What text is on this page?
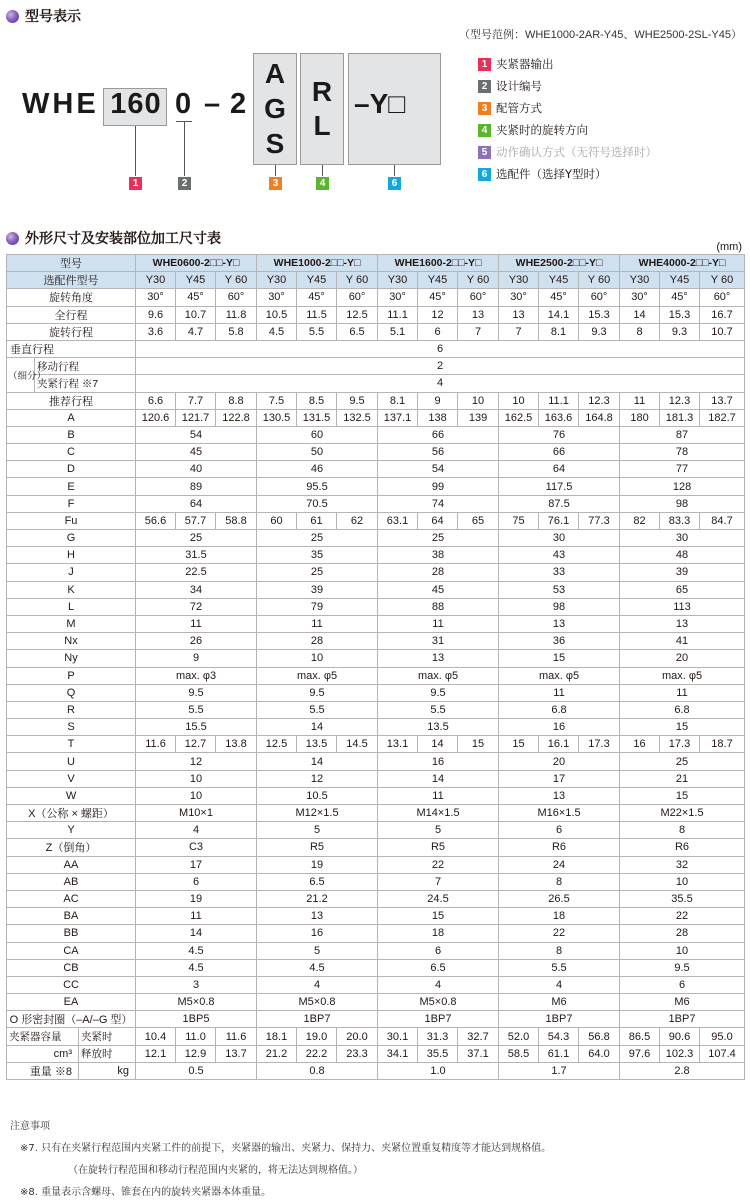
型号表示
（型号范例：WHE1000-2AR-Y45、WHE2500-2SL-Y45）
WHE 160 0 – 2
A
G
S
R
L
–Y□
1	2	3	4	6
1 夹紧器输出
2 设计编号
3 配管方式
4 夹紧时的旋转方向
5 动作确认方式（无符号选择时）
6 选配件（选择Y型时）
外形尺寸及安装部位加工尺寸表	(mm)
型号			WHE0600-2□□-Y□			WHE1000-2□□-Y□			WHE1600-2□□-Y□			WHE2500-2□□-Y□			WHE4000-2□□-Y□		
选配件型号			Y30	Y45	Y 60	Y30	Y45	Y 60	Y30	Y45	Y 60	Y30	Y45	Y 60	Y30	Y45	Y 60
旋转角度			30°	45°	60°	30°	45°	60°	30°	45°	60°	30°	45°	60°	30°	45°	60°
全行程			9.6	10.7	11.8	10.5	11.5	12.5	11.1	12	13	13	14.1	15.3	14	15.3	16.7
旋转行程			3.6	4.7	5.8	4.5	5.5	6.5	5.1	6	7	7	8.1	9.3	8	9.3	10.7
垂直行程			6														
（细分）	移动行程		2														
	夹紧行程 ※7		4														
推荐行程			6.6	7.7	8.8	7.5	8.5	9.5	8.1	9	10	10	11.1	12.3	11	12.3	13.7
A			120.6	121.7	122.8	130.5	131.5	132.5	137.1	138	139	162.5	163.6	164.8	180	181.3	182.7
B			54			60			66			76			87		
C			45			50			56			66			78		
D			40			46			54			64			77		
E			89			95.5			99			117.5			128		
F			64			70.5			74			87.5			98		
Fu			56.6	57.7	58.8	60	61	62	63.1	64	65	75	76.1	77.3	82	83.3	84.7
G			25			25			25			30			30		
H			31.5			35			38			43			48		
J			22.5			25			28			33			39		
K			34			39			45			53			65		
L			72			79			88			98			113		
M			11			11			11			13			13		
Nx			26			28			31			36			41		
Ny			9			10			13			15			20		
P			max. φ3			max. φ5			max. φ5			max. φ5			max. φ5		
Q			9.5			9.5			9.5			11			11		
R			5.5			5.5			5.5			6.8			6.8		
S			15.5			14			13.5			16			15		
T			11.6	12.7	13.8	12.5	13.5	14.5	13.1	14	15	15	16.1	17.3	16	17.3	18.7
U			12			14			16			20			25		
V			10			12			14			17			21		
W			10			10.5			11			13			15		
X（公称 × 螺距）			M10×1			M12×1.5			M14×1.5			M16×1.5			M22×1.5		
Y			4			5			5			6			8		
Z（倒角）			C3			R5			R5			R6			R6		
AA			17			19			22			24			32		
AB			6			6.5			7			8			10		
AC			19			21.2			24.5			26.5			35.5		
BA			11			13			15			18			22		
BB			14			16			18			22			28		
CA			4.5			5			6			8			10		
CB			4.5			4.5			6.5			5.5			9.5		
CC			3			4			4			4			6		
EA			M5×0.8			M5×0.8			M5×0.8			M6			M6		
O 形密封圈（–A/–G 型）			1BP5			1BP7			1BP7			1BP7			1BP7		
夹紧器容量		夹紧时	10.4	11.0	11.6	18.1	19.0	20.0	30.1	31.3	32.7	52.0	54.3	56.8	86.5	90.6	95.0
cm³		释放时	12.1	12.9	13.7	21.2	22.2	23.3	34.1	35.5	37.1	58.5	61.1	64.0	97.6	102.3	107.4
重量 ※8		kg	0.5			0.8			1.0			1.7			2.8		
注意事项
※7. 只有在夹紧行程范围内夹紧工件的前提下，夹紧器的输出、夹紧力、保持力、夹紧位置重复精度等才能达到规格值。
（在旋转行程范围和移动行程范围内夹紧的，将无法达到规格值。）
※8. 重量表示含螺母、锥套在内的旋转夹紧器本体重量。
